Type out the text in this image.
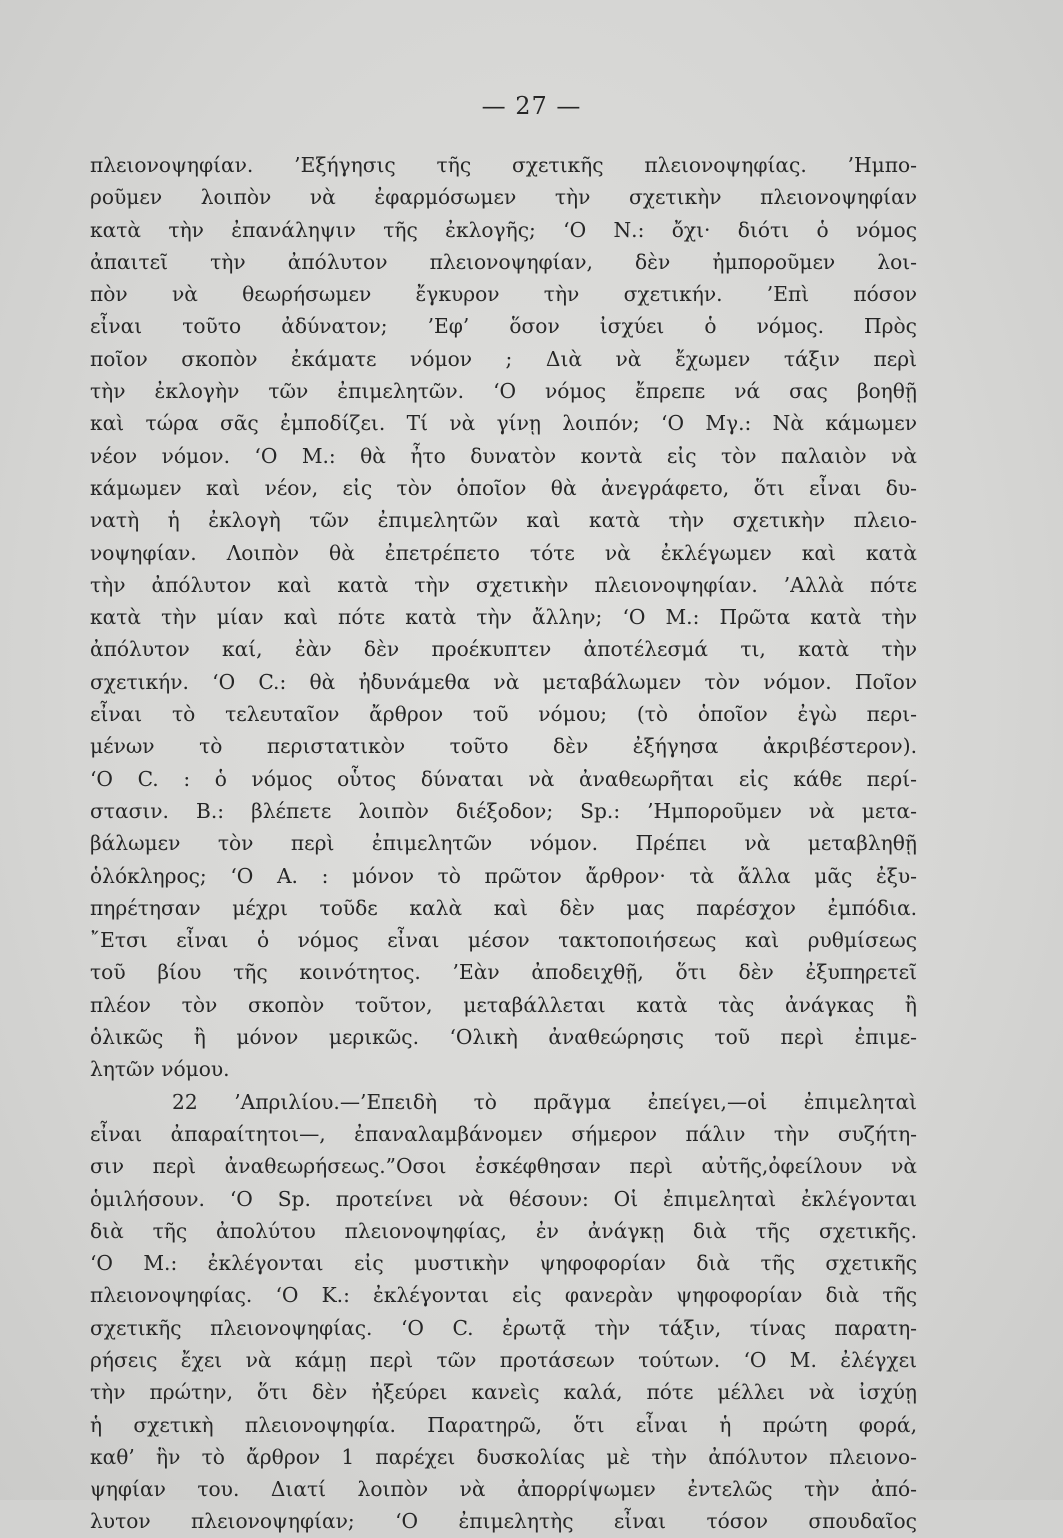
— 27 —
πλειονοψηφίαν. ’Εξήγησις τῆς σχετικῆς πλειονοψηφίας. ’Ημπο-
ροῦμεν λοιπὸν νὰ ἐφαρμόσωμεν τὴν σχετικὴν πλειονοψηφίαν
κατὰ τὴν ἐπανάληψιν τῆς ἐκλογῆς; ‘Ο Ν.: ὄχι· διότι ὁ νόμος
ἀπαιτεῖ τὴν ἀπόλυτον πλειονοψηφίαν, δὲν ἠμποροῦμεν λοι-
πὸν νὰ θεωρήσωμεν ἔγκυρον τὴν σχετικήν. ’Επὶ πόσον
εἶναι τοῦτο ἀδύνατον; ’Εφ’ ὅσον ἰσχύει ὁ νόμος. Πρὸς
ποῖον σκοπὸν ἐκάματε νόμον ; Διὰ νὰ ἔχωμεν τάξιν περὶ
τὴν ἐκλογὴν τῶν ἐπιμελητῶν. ‘Ο νόμος ἔπρεπε νά σας βοηθῇ
καὶ τώρα σᾶς ἐμποδίζει. Τί νὰ γίνῃ λοιπόν; ‘Ο Μγ.: Νὰ κάμωμεν
νέον νόμον. ‘Ο Μ.: θὰ ἦτο δυνατὸν κοντὰ εἰς τὸν παλαιὸν νὰ
κάμωμεν καὶ νέον, εἰς τὸν ὁποῖον θὰ ἀνεγράφετο, ὅτι εἶναι δυ-
νατὴ ἡ ἐκλογὴ τῶν ἐπιμελητῶν καὶ κατὰ τὴν σχετικὴν πλειο-
νοψηφίαν. Λοιπὸν θὰ ἐπετρέπετο τότε νὰ ἐκλέγωμεν καὶ κατὰ
τὴν ἀπόλυτον καὶ κατὰ τὴν σχετικὴν πλειονοψηφίαν. ’Αλλὰ πότε
κατὰ τὴν μίαν καὶ πότε κατὰ τὴν ἄλλην; ‘Ο Μ.: Πρῶτα κατὰ τὴν
ἀπόλυτον καί, ἐὰν δὲν προέκυπτεν ἀποτέλεσμά τι, κατὰ τὴν
σχετικήν. ‘Ο C.: θὰ ἠδυνάμεθα νὰ μεταβάλωμεν τὸν νόμον. Ποῖον
εἶναι τὸ τελευταῖον ἄρθρον τοῦ νόμου; (τὸ ὁποῖον ἐγὼ περι-
μένων τὸ περιστατικὸν τοῦτο δὲν ἐξήγησα ἀκριβέστερον).
‘Ο C. : ὁ νόμος οὗτος δύναται νὰ ἀναθεωρῆται εἰς κάθε περί-
στασιν. Β.: βλέπετε λοιπὸν διέξοδον; Sp.: ’Ημποροῦμεν νὰ μετα-
βάλωμεν τὸν περὶ ἐπιμελητῶν νόμον. Πρέπει νὰ μεταβληθῇ
ὁλόκληρος; ‘Ο Α. : μόνον τὸ πρῶτον ἄρθρον· τὰ ἄλλα μᾶς ἐξυ-
πηρέτησαν μέχρι τοῦδε καλὰ καὶ δὲν μας παρέσχον ἐμπόδια.
῎Ετσι εἶναι ὁ νόμος εἶναι μέσον τακτοποιήσεως καὶ ρυθμίσεως
τοῦ βίου τῆς κοινότητος. ’Εὰν ἀποδειχθῇ, ὅτι δὲν ἐξυπηρετεῖ
πλέον τὸν σκοπὸν τοῦτον, μεταβάλλεται κατὰ τὰς ἀνάγκας ἢ
ὁλικῶς ἢ μόνον μερικῶς. ‘Ολικὴ ἀναθεώρησις τοῦ περὶ ἐπιμε-
λητῶν νόμου.
22 ’Απριλίου.—’Επειδὴ τὸ πρᾶγμα ἐπείγει,—οἱ ἐπιμεληταὶ
εἶναι ἀπαραίτητοι—, ἐπαναλαμβάνομεν σήμερον πάλιν τὴν συζήτη-
σιν περὶ ἀναθεωρήσεως.”Οσοι ἐσκέφθησαν περὶ αὐτῆς,ὀφείλουν νὰ
ὁμιλήσουν. ‘Ο Sp. προτείνει νὰ θέσουν: Οἱ ἐπιμεληταὶ ἐκλέγονται
διὰ τῆς ἀπολύτου πλειονοψηφίας, ἐν ἀνάγκῃ διὰ τῆς σχετικῆς.
‘Ο Μ.: ἐκλέγονται εἰς μυστικὴν ψηφοφορίαν διὰ τῆς σχετικῆς
πλειονοψηφίας. ‘Ο Κ.: ἐκλέγονται εἰς φανερὰν ψηφοφορίαν διὰ τῆς
σχετικῆς πλειονοψηφίας. ‘Ο C. ἐρωτᾷ τὴν τάξιν, τίνας παρατη-
ρήσεις ἔχει νὰ κάμῃ περὶ τῶν προτάσεων τούτων. ‘Ο Μ. ἐλέγχει
τὴν πρώτην, ὅτι δὲν ἠξεύρει κανεὶς καλά, πότε μέλλει νὰ ἰσχύῃ
ἡ σχετικὴ πλειονοψηφία. Παρατηρῶ, ὅτι εἶναι ἡ πρώτη φορά,
καθ’ ἣν τὸ ἄρθρον 1 παρέχει δυσκολίας μὲ τὴν ἀπόλυτον πλειονο-
ψηφίαν του. Διατί λοιπὸν νὰ ἀπορρίψωμεν ἐντελῶς τὴν ἀπό-
λυτον πλειονοψηφίαν; ‘Ο ἐπιμελητὴς εἶναι τόσον σπουδαῖος
